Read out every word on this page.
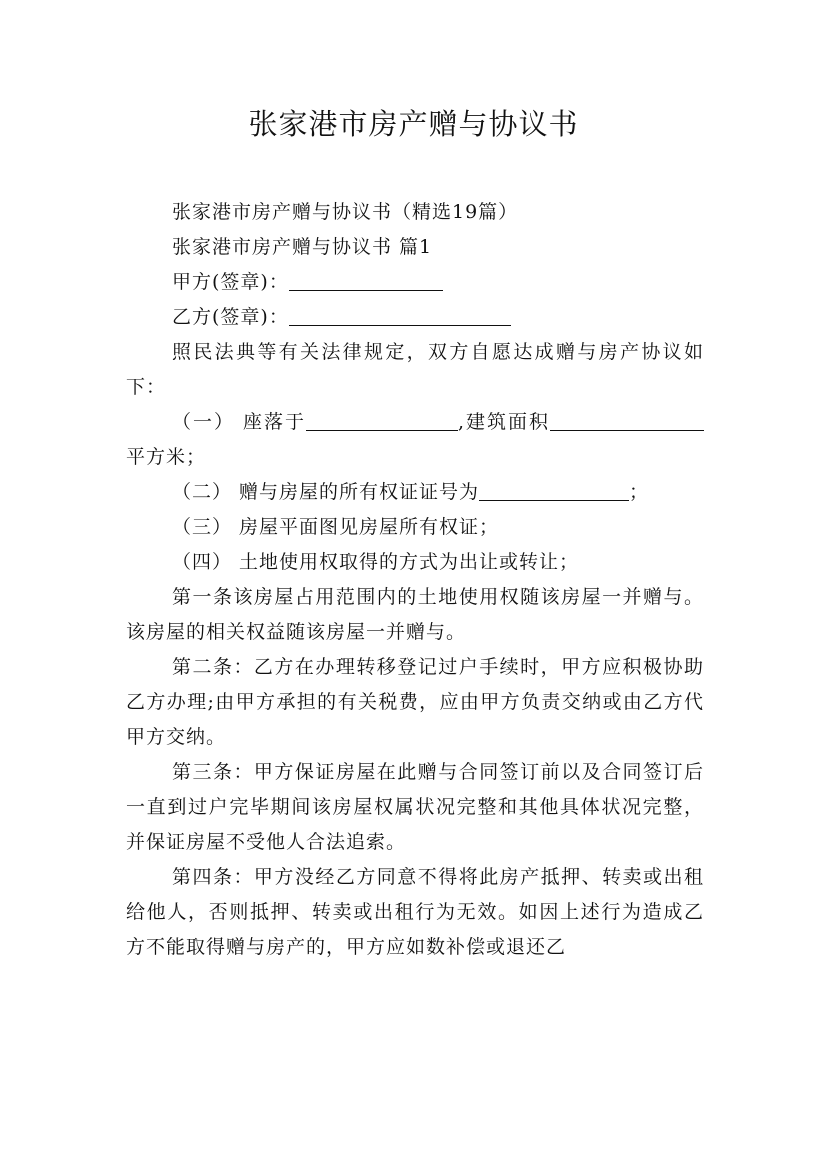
张家港市房产赠与协议书

张家港市房产赠与协议书（精选19篇）

张家港市房产赠与协议书 篇1

甲方(签章)：

乙方(签章)：

照民法典等有关法律规定，双方自愿达成赠与房产协议如下：

（一） 座落于	,建筑面积平方米；

（二） 赠与房屋的所有权证证号为	；

（三） 房屋平面图见房屋所有权证；

（四） 土地使用权取得的方式为出让或转让；

第一条该房屋占用范围内的土地使用权随该房屋一并赠与。该房屋的相关权益随该房屋一并赠与。

第二条：乙方在办理转移登记过户手续时，甲方应积极协助乙方办理;由甲方承担的有关税费，应由甲方负责交纳或由乙方代甲方交纳。

第三条：甲方保证房屋在此赠与合同签订前以及合同签订后一直到过户完毕期间该房屋权属状况完整和其他具体状况完整，并保证房屋不受他人合法追索。

第四条：甲方没经乙方同意不得将此房产抵押、转卖或出租给他人，否则抵押、转卖或出租行为无效。如因上述行为造成乙方不能取得赠与房产的，甲方应如数补偿或退还乙
